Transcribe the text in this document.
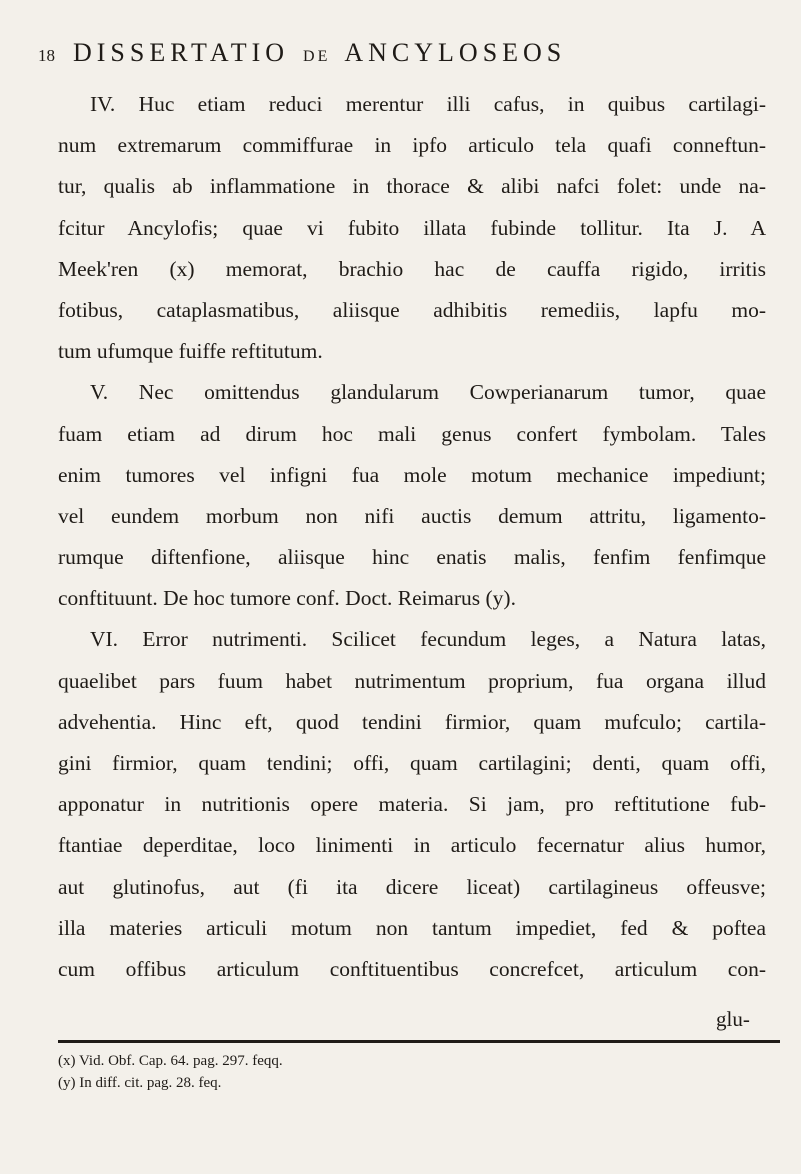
18 DISSERTATIO DE ANCYLOSEOS
IV. Huc etiam reduci merentur illi cafus, in quibus cartilagi-
num extremarum commiffurae in ipfo articulo tela quafi conneftun-
tur, qualis ab inflammatione in thorace & alibi nafci folet: unde na-
fcitur Ancylofis; quae vi fubito illata fubinde tollitur. Ita J. A
Meek'ren (x) memorat, brachio hac de cauffa rigido, irritis
fotibus, cataplasmatibus, aliisque adhibitis remediis, lapfu mo-
tum ufumque fuiffe reftitutum.
V. Nec omittendus glandularum Cowperianarum tumor, quae
fuam etiam ad dirum hoc mali genus confert fymbolam. Tales
enim tumores vel infigni fua mole motum mechanice impediunt;
vel eundem morbum non nifi auctis demum attritu, ligamento-
rumque diftenfione, aliisque hinc enatis malis, fenfim fenfimque
conftituunt. De hoc tumore conf. Doct. Reimarus (y).
VI. Error nutrimenti. Scilicet fecundum leges, a Natura latas,
quaelibet pars fuum habet nutrimentum proprium, fua organa illud
advehentia. Hinc eft, quod tendini firmior, quam mufculo; cartila-
gini firmior, quam tendini; offi, quam cartilagini; denti, quam offi,
apponatur in nutritionis opere materia. Si jam, pro reftitutione fub-
ftantiae deperditae, loco linimenti in articulo fecernatur alius humor,
aut glutinofus, aut (fi ita dicere liceat) cartilagineus offeusve;
illa materies articuli motum non tantum impediet, fed & poftea
cum offibus articulum conftituentibus concrefcet, articulum con-
glu-
(x) Vid. Obf. Cap. 64. pag. 297. feqq.
(y) In diff. cit. pag. 28. feq.
